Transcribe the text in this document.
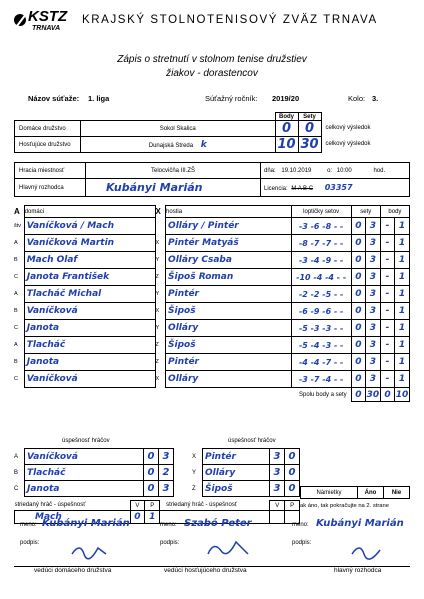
KSTZ
TRNAVA
KRAJSKÝ STOLNOTENISOVÝ ZVÄZ TRNAVA
Zápis o stretnutí v stolnom tenise družstiev
žiakov - dorastencov
Názov súťaže: 1. liga	Súťažný ročník: 2019/20	Kolo: 3.
		Body	Sety	
Domáce družstvo	Sokol Skalica	0	0	celkový výsledok
Hosťujúce družstvo	Dunajská Streda k	10	30	celkový výsledok
Hracia miestnosť	Telocvičňa III.ZŠ	dňa: 19.10.2019 o: 10:00 hod.
Hlavný rozhodca	Kubányi Marián	Licencia: M A B C 03357
A	domáci	X	hostia	loptičky setov	sety		body	
štv	Vaníčková / Mach		Olláry / Pintér	-3 -6 -8 - -	0	3	-	1
A	Vaníčková Martin	X	Pintér Matyáš	-8 -7 -7 - -	0	3	-	1
B	Mach Olaf	Y	Olláry Csaba	-3 -4 -9 - -	0	3	-	1
C	Janota František	Z	Šipoš Roman	-10 -4 -4 - -	0	3	-	1
A	Tlacháč Michal	Y	Pintér	-2 -2 -5 - -	0	3	-	1
B	Vaníčková	X	Šipoš	-6 -9 -6 - -	0	3	-	1
C	Janota	Y	Olláry	-5 -3 -3 - -	0	3	-	1
A	Tlacháč	Z	Šipoš	-5 -4 -3 - -	0	3	-	1
B	Janota	Z	Pintér	-4 -4 -7 - -	0	3	-	1
C	Vaníčková	X	Olláry	-3 -7 -4 - -	0	3	-	1
Spolu body a sety					0	30	0	10
úspešnosť hráčov	úspešnosť hráčov
A	Vaníčková	0	3
B	Tlacháč	0	2
C	Janota	0	3
X	Pintér	3	0
Y	Olláry	3	0
Z	Šipoš	3	0
striedaný hráč - úspešnosť	V	P	striedaný hráč - úspešnosť	V	P
Mach	0	1			
Námietky	Áno	Nie
ak áno, tak pokračujte na 2. strane
meno: Kubányi Marián
podpis:
vedúci domáceho družstva
meno: Szabó Peter
podpis:
vedúci hosťujúceho družstva
meno: Kubányi Marián
podpis:
hlavný rozhodca
